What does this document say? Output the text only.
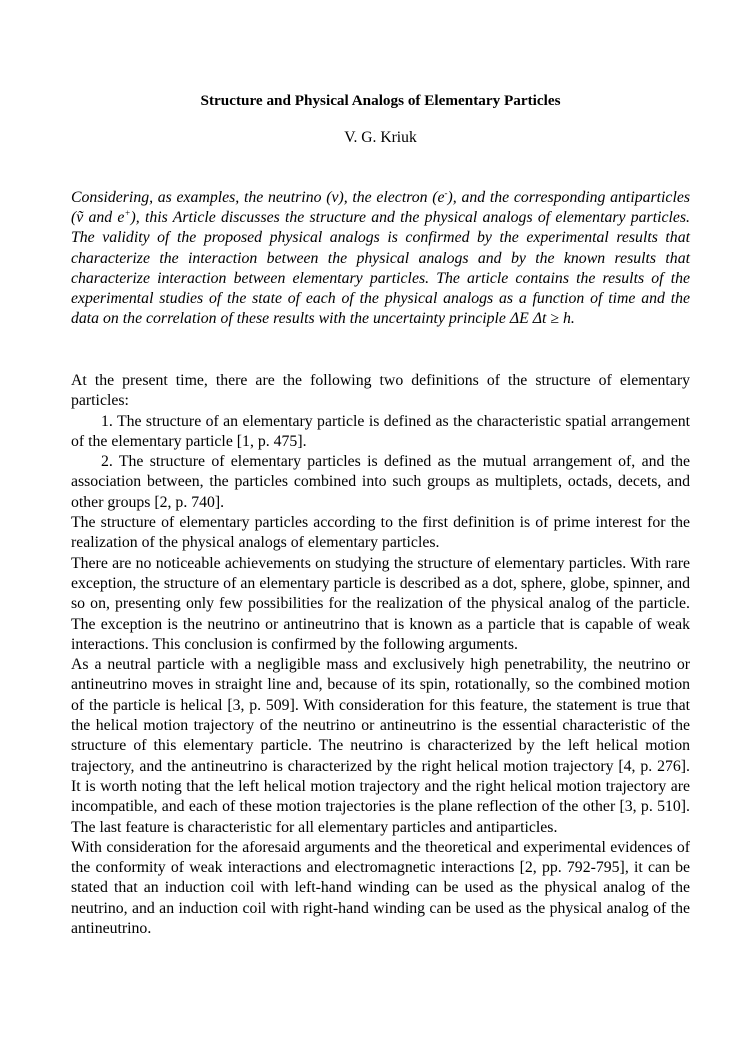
Structure and Physical Analogs of Elementary Particles
V. G. Kriuk

Considering, as examples, the neutrino (v), the electron (e-), and the corresponding antiparticles (ṽ and e+), this Article discusses the structure and the physical analogs of elementary particles. The validity of the proposed physical analogs is confirmed by the experimental results that characterize the interaction between the physical analogs and by the known results that characterize interaction between elementary particles. The article contains the results of the experimental studies of the state of each of the physical analogs as a function of time and the data on the correlation of these results with the uncertainty principle ΔE Δt ≥ h.

At the present time, there are the following two definitions of the structure of elementary particles:

1. The structure of an elementary particle is defined as the characteristic spatial arrangement of the elementary particle [1, p. 475].

2. The structure of elementary particles is defined as the mutual arrangement of, and the association between, the particles combined into such groups as multiplets, octads, decets, and other groups [2, p. 740].

The structure of elementary particles according to the first definition is of prime interest for the realization of the physical analogs of elementary particles.

There are no noticeable achievements on studying the structure of elementary particles. With rare exception, the structure of an elementary particle is described as a dot, sphere, globe, spinner, and so on, presenting only few possibilities for the realization of the physical analog of the particle. The exception is the neutrino or antineutrino that is known as a particle that is capable of weak interactions. This conclusion is confirmed by the following arguments.

As a neutral particle with a negligible mass and exclusively high penetrability, the neutrino or antineutrino moves in straight line and, because of its spin, rotationally, so the combined motion of the particle is helical [3, p. 509]. With consideration for this feature, the statement is true that the helical motion trajectory of the neutrino or antineutrino is the essential characteristic of the structure of this elementary particle. The neutrino is characterized by the left helical motion trajectory, and the antineutrino is characterized by the right helical motion trajectory [4, p. 276]. It is worth noting that the left helical motion trajectory and the right helical motion trajectory are incompatible, and each of these motion trajectories is the plane reflection of the other [3, p. 510]. The last feature is characteristic for all elementary particles and antiparticles.

With consideration for the aforesaid arguments and the theoretical and experimental evidences of the conformity of weak interactions and electromagnetic interactions [2, pp. 792-795], it can be stated that an induction coil with left-hand winding can be used as the physical analog of the neutrino, and an induction coil with right-hand winding can be used as the physical analog of the antineutrino.
